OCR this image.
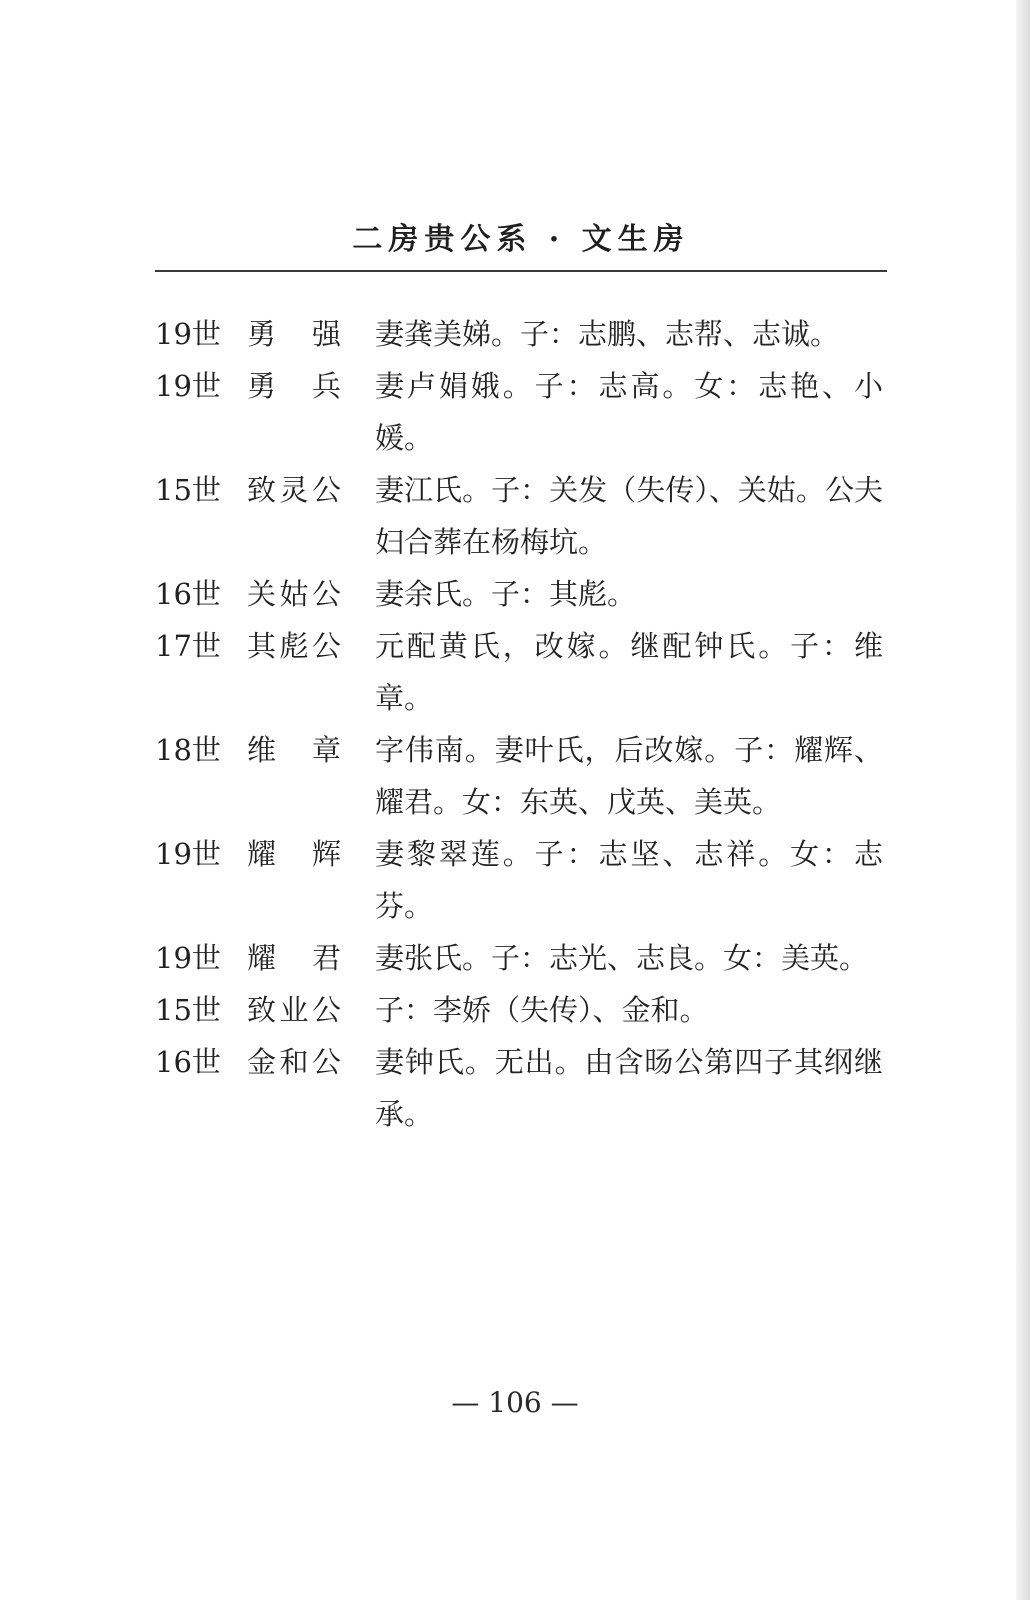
二房贵公系 · 文生房
19世 勇强	妻龚美娣。子：志鹏、志帮、志诚。
19世 勇兵	妻卢娟娥。子：志高。女：志艳、小媛。
15世 致灵公	妻江氏。子：关发（失传）、关姑。公夫妇合葬在杨梅坑。
16世 关姑公	妻余氏。子：其彪。
17世 其彪公	元配黄氏，改嫁。继配钟氏。子：维章。
18世 维章	字伟南。妻叶氏，后改嫁。子：耀辉、耀君。女：东英、戊英、美英。
19世 耀辉	妻黎翠莲。子：志坚、志祥。女：志芬。
19世 耀君	妻张氏。子：志光、志良。女：美英。
15世 致业公	子：李娇（失传）、金和。
16世 金和公	妻钟氏。无出。由含旸公第四子其纲继承。
— 106 —
